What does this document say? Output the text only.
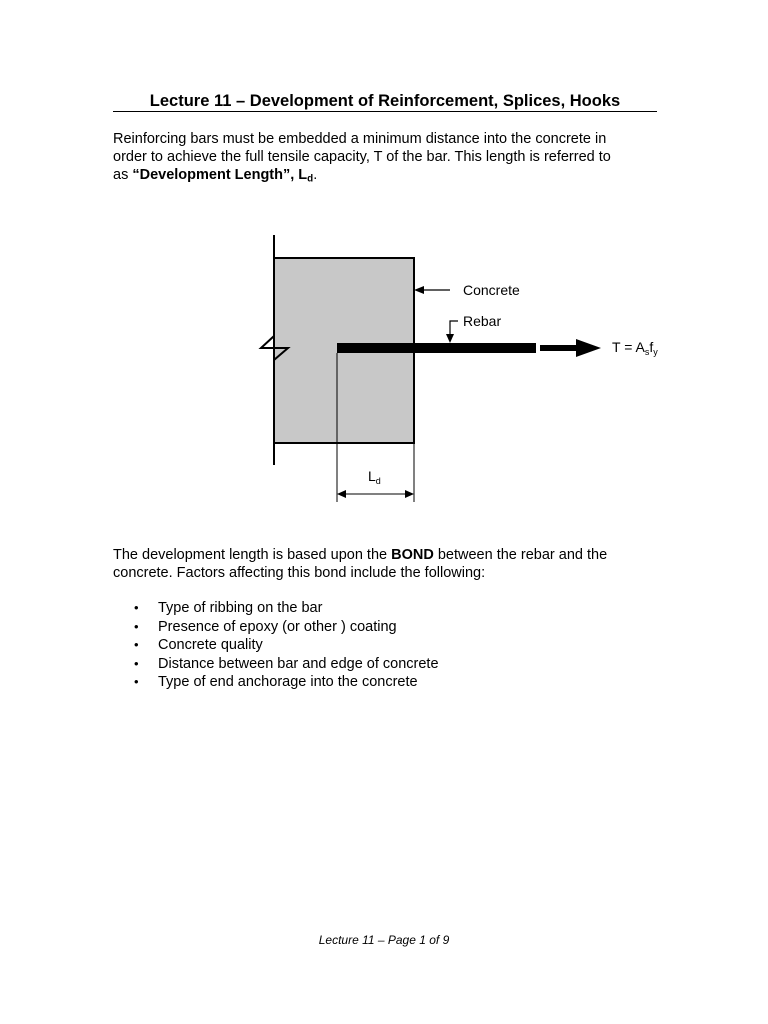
Lecture 11 – Development of Reinforcement, Splices, Hooks
Reinforcing bars must be embedded a minimum distance into the concrete in
order to achieve the full tensile capacity, T of the bar. This length is referred to
as “Development Length”, $L_d$.
Concrete
Rebar
$T = A_sf_y$
$L_d$
The development length is based upon the BOND between the rebar and the
concrete. Factors affecting this bond include the following:
• Type of ribbing on the bar
• Presence of epoxy (or other ) coating
• Concrete quality
• Distance between bar and edge of concrete
• Type of end anchorage into the concrete
Lecture 11 – Page 1 of 9
